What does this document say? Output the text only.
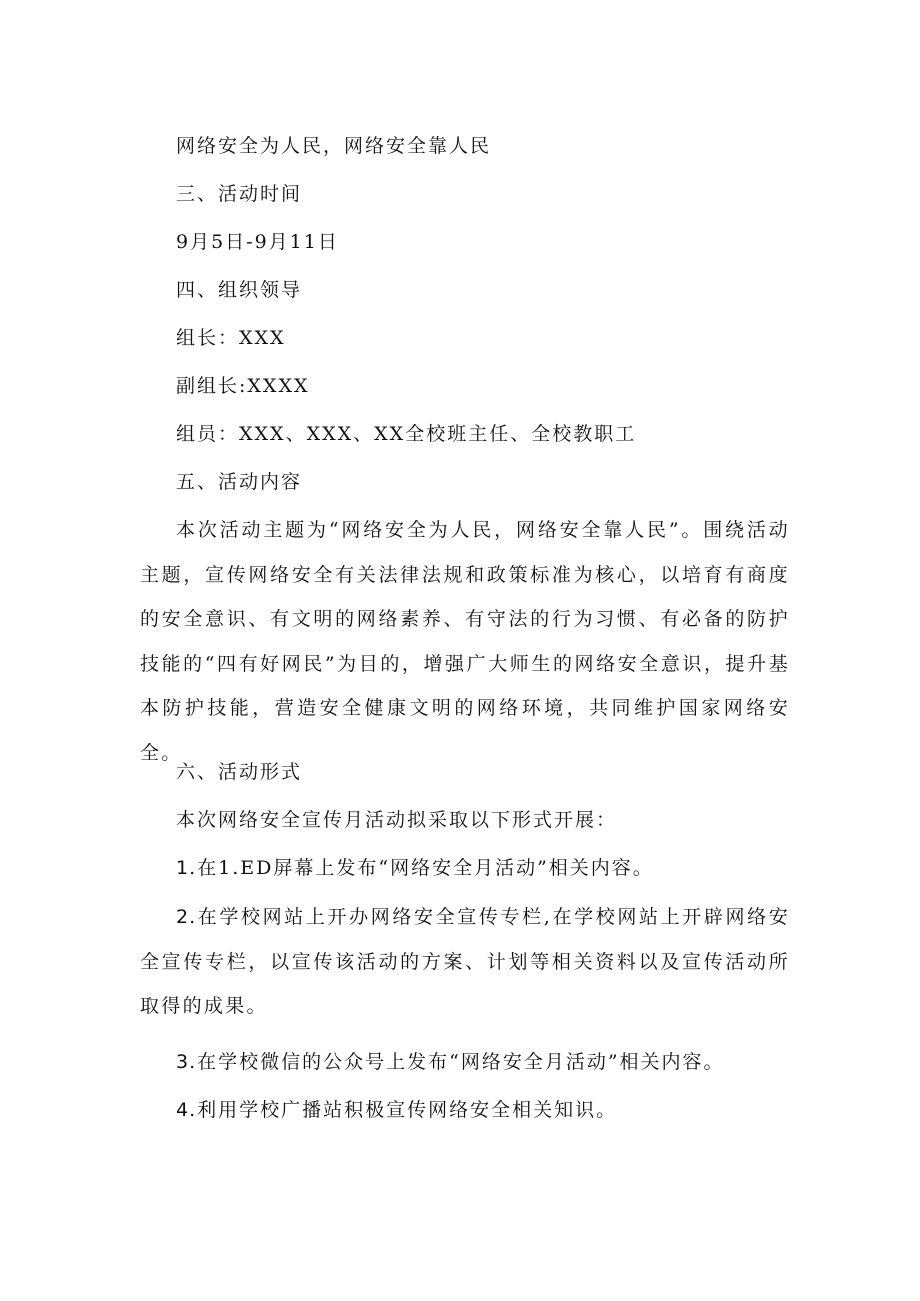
网络安全为人民，网络安全靠人民

三、活动时间

9月5日-9月11日

四、组织领导

组长：XXX

副组长:XXXX

组员：XXX、XXX、XX全校班主任、全校教职工

五、活动内容

本次活动主题为“网络安全为人民，网络安全靠人民”。围绕活动主题，宣传网络安全有关法律法规和政策标准为核心，以培育有商度的安全意识、有文明的网络素养、有守法的行为习惯、有必备的防护技能的“四有好网民”为目的，增强广大师生的网络安全意识，提升基本防护技能，营造安全健康文明的网络环境，共同维护国家网络安全。

六、活动形式

本次网络安全宣传月活动拟采取以下形式开展：

1.在1.ED屏幕上发布“网络安全月活动”相关内容。

2.在学校网站上开办网络安全宣传专栏,在学校网站上开辟网络安全宣传专栏，以宣传该活动的方案、计划等相关资料以及宣传活动所取得的成果。

3.在学校微信的公众号上发布“网络安全月活动”相关内容。

4.利用学校广播站积极宣传网络安全相关知识。
